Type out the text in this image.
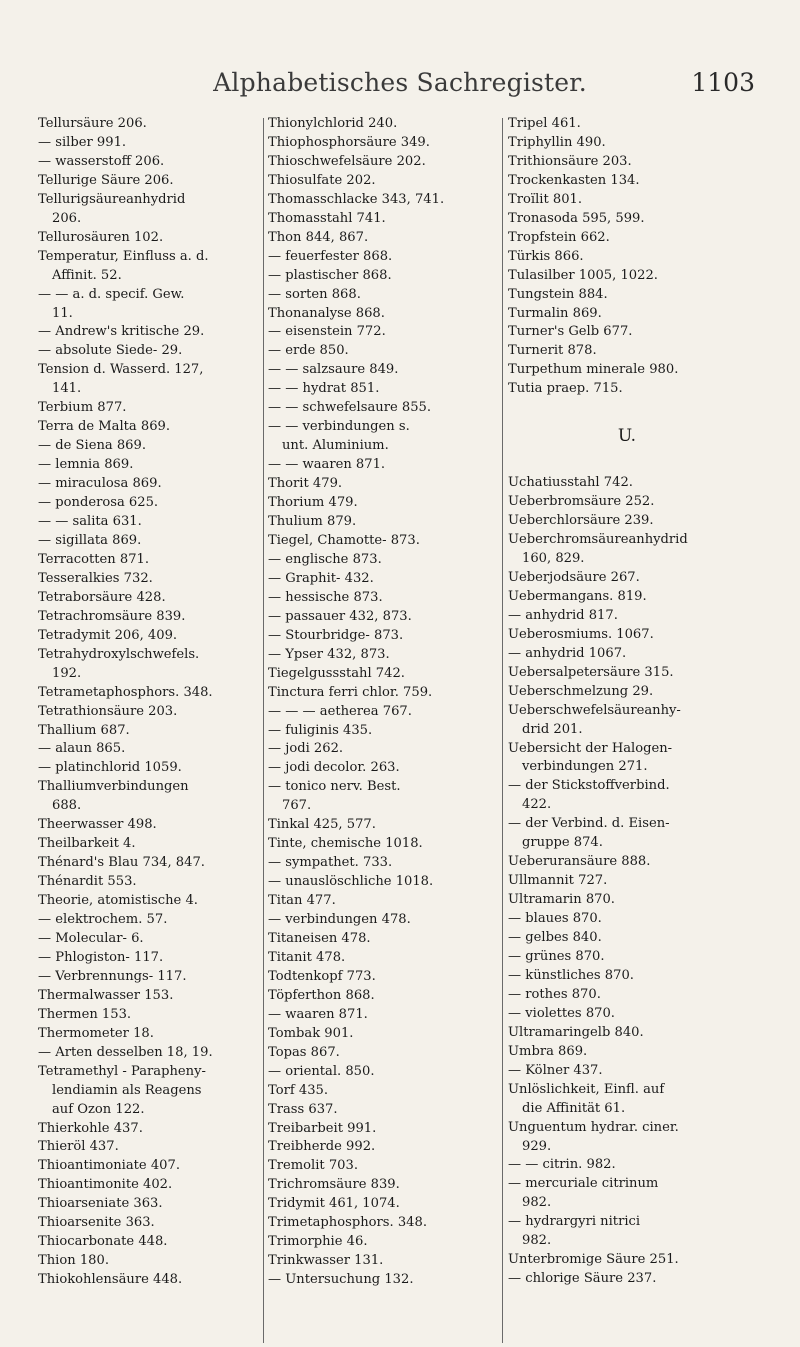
Alphabetisches Sachregister.	1103
Tellursäure 206.
— silber 991.
— wasserstoff 206.
Tellurige Säure 206.
Tellurigsäureanhydrid
206.
Tellurosäuren 102.
Temperatur, Einfluss a. d.
Affinit. 52.
— — a. d. specif. Gew.
11.
— Andrew's kritische 29.
— absolute Siede- 29.
Tension d. Wasserd. 127,
141.
Terbium 877.
Terra de Malta 869.
— de Siena 869.
— lemnia 869.
— miraculosa 869.
— ponderosa 625.
— — salita 631.
— sigillata 869.
Terracotten 871.
Tesseralkies 732.
Tetraborsäure 428.
Tetrachromsäure 839.
Tetradymit 206, 409.
Tetrahydroxylschwefels.
192.
Tetrametaphosphors. 348.
Tetrathionsäure 203.
Thallium 687.
— alaun 865.
— platinchlorid 1059.
Thalliumverbindungen
688.
Theerwasser 498.
Theilbarkeit 4.
Thénard's Blau 734, 847.
Thénardit 553.
Theorie, atomistische 4.
— elektrochem. 57.
— Molecular- 6.
— Phlogiston- 117.
— Verbrennungs- 117.
Thermalwasser 153.
Thermen 153.
Thermometer 18.
— Arten desselben 18, 19.
Tetramethyl - Parapheny-
lendiamin als Reagens
auf Ozon 122.
Thierkohle 437.
Thieröl 437.
Thioantimoniate 407.
Thioantimonite 402.
Thioarseniate 363.
Thioarsenite 363.
Thiocarbonate 448.
Thion 180.
Thiokohlensäure 448.
Thionylchlorid 240.
Thiophosphorsäure 349.
Thioschwefelsäure 202.
Thiosulfate 202.
Thomasschlacke 343, 741.
Thomasstahl 741.
Thon 844, 867.
— feuerfester 868.
— plastischer 868.
— sorten 868.
Thonanalyse 868.
— eisenstein 772.
— erde 850.
— — salzsaure 849.
— — hydrat 851.
— — schwefelsaure 855.
— — verbindungen s.
unt. Aluminium.
— — waaren 871.
Thorit 479.
Thorium 479.
Thulium 879.
Tiegel, Chamotte- 873.
— englische 873.
— Graphit- 432.
— hessische 873.
— passauer 432, 873.
— Stourbridge- 873.
— Ypser 432, 873.
Tiegelgussstahl 742.
Tinctura ferri chlor. 759.
— — — aetherea 767.
— fuliginis 435.
— jodi 262.
— jodi decolor. 263.
— tonico nerv. Best.
767.
Tinkal 425, 577.
Tinte, chemische 1018.
— sympathet. 733.
— unauslöschliche 1018.
Titan 477.
— verbindungen 478.
Titaneisen 478.
Titanit 478.
Todtenkopf 773.
Töpferthon 868.
— waaren 871.
Tombak 901.
Topas 867.
— oriental. 850.
Torf 435.
Trass 637.
Treibarbeit 991.
Treibherde 992.
Tremolit 703.
Trichromsäure 839.
Tridymit 461, 1074.
Trimetaphosphors. 348.
Trimorphie 46.
Trinkwasser 131.
— Untersuchung 132.
Tripel 461.
Triphyllin 490.
Trithionsäure 203.
Trockenkasten 134.
Troïlit 801.
Tronasoda 595, 599.
Tropfstein 662.
Türkis 866.
Tulasilber 1005, 1022.
Tungstein 884.
Turmalin 869.
Turner's Gelb 677.
Turnerit 878.
Turpethum minerale 980.
Tutia praep. 715.
U.
Uchatiusstahl 742.
Ueberbromsäure 252.
Ueberchlorsäure 239.
Ueberchromsäureanhydrid
160, 829.
Ueberjodsäure 267.
Uebermangans. 819.
— anhydrid 817.
Ueberosmiums. 1067.
— anhydrid 1067.
Uebersalpetersäure 315.
Ueberschmelzung 29.
Ueberschwefelsäureanhy-
drid 201.
Uebersicht der Halogen-
verbindungen 271.
— der Stickstoffverbind.
422.
— der Verbind. d. Eisen-
gruppe 874.
Ueberuransäure 888.
Ullmannit 727.
Ultramarin 870.
— blaues 870.
— gelbes 840.
— grünes 870.
— künstliches 870.
— rothes 870.
— violettes 870.
Ultramaringelb 840.
Umbra 869.
— Kölner 437.
Unlöslichkeit, Einfl. auf
die Affinität 61.
Unguentum hydrar. ciner.
929.
— — citrin. 982.
— mercuriale citrinum
982.
— hydrargyri nitrici
982.
Unterbromige Säure 251.
— chlorige Säure 237.
